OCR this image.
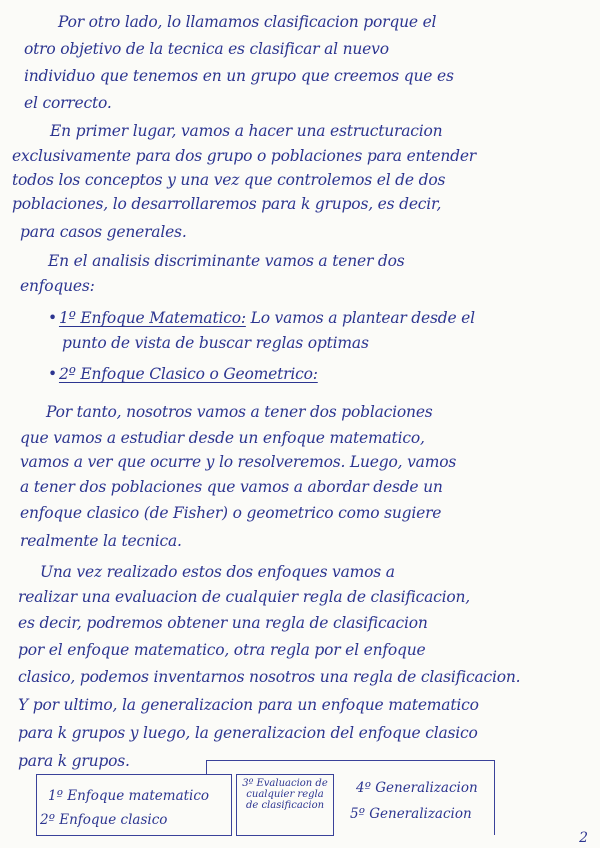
Por otro lado, lo llamamos clasificacion porque el
otro objetivo de la tecnica es clasificar al nuevo
individuo que tenemos en un grupo que creemos que es
el correcto.
En primer lugar, vamos a hacer una estructuracion
exclusivamente para dos grupo o poblaciones para entender
todos los conceptos y una vez que controlemos el de dos
poblaciones, lo desarrollaremos para k grupos, es decir,
para casos generales.
En el analisis discriminante vamos a tener dos
enfoques:
• 1º Enfoque Matematico: Lo vamos a plantear desde el
punto de vista de buscar reglas optimas
• 2º Enfoque Clasico o Geometrico:
Por tanto, nosotros vamos a tener dos poblaciones
que vamos a estudiar desde un enfoque matematico,
vamos a ver que ocurre y lo resolveremos. Luego, vamos
a tener dos poblaciones que vamos a abordar desde un
enfoque clasico (de Fisher) o geometrico como sugiere
realmente la tecnica.
Una vez realizado estos dos enfoques vamos a
realizar una evaluacion de cualquier regla de clasificacion,
es decir, podremos obtener una regla de clasificacion
por el enfoque matematico, otra regla por el enfoque
clasico, podemos inventarnos nosotros una regla de clasificacion.
Y por ultimo, la generalizacion para un enfoque matematico
para k grupos y luego, la generalizacion del enfoque clasico
para k grupos.
1º Enfoque matematico
2º Enfoque clasico
3º Evaluacion de cualquier regla de clasificacion
4º Generalizacion
5º Generalizacion
2
